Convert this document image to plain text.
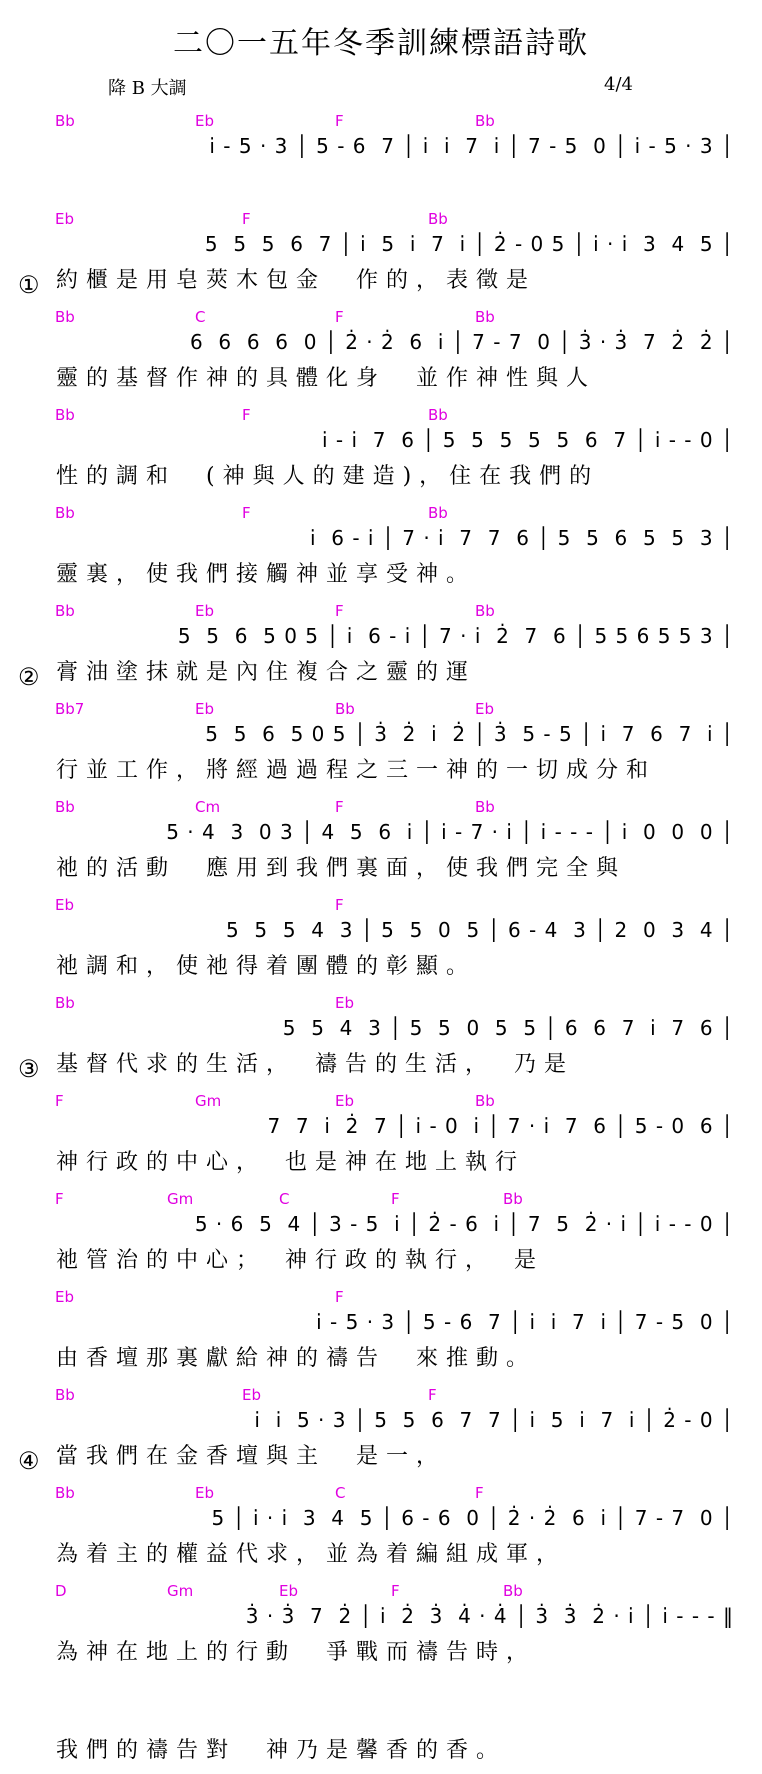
二〇一五年冬季訓練標語詩歌
降 B 大調	4/4
Bb	Eb	F	Bb
i̇ - 5 · 3 │ 5 - 6  7 │ i̇  i̇  7  i̇ │ 7 - 5  0 │ i̇ - 5 · 3 │
Eb	F	Bb
5  5  5  6  7 │ i̇  5  i̇  7  i̇ │ 2̇ - 0 5 │ i̇ · i̇  3  4  5 │
① 約櫃是用皂莢木包金　作的，表徵是
Bb	C	F	Bb
6  6  6  6  0 │ 2̇ · 2̇  6  i̇ │ 7 - 7  0 │ 3̇ · 3̇  7  2̇  2̇ │
靈的基督作神的具體化身　並作神性與人
Bb	F	Bb
i̇ - i̇  7  6 │ 5  5  5  5  5  6  7 │ i̇ - - 0 │
性的調和　(神與人的建造)，住在我們的
Bb	F	Bb
i̇  6 - i̇ │ 7 · i̇  7  7  6 │ 5  5  6  5  5  3 │
靈裏，使我們接觸神並享受神。
Bb	Eb	F	Bb
5  5  6  5 0 5 │ i̇  6 - i̇ │ 7 · i̇  2̇  7  6 │ 5 5 6 5 5 3 │
② 膏油塗抹就是內住複合之靈的運
Bb7	Eb	Bb	Eb
5  5  6  5 0 5 │ 3̇  2̇  i̇  2̇ │ 3̇  5 - 5 │ i̇  7  6  7  i̇ │
行並工作，將經過過程之三一神的一切成分和
Bb	Cm	F	Bb
5 · 4  3  0 3 │ 4  5  6  i̇ │ i̇ - 7 · i̇ │ i̇ - - - │ i̇  0  0  0 │
祂的活動　應用到我們裏面，使我們完全與
Eb	F
5  5  5  4  3 │ 5  5  0  5 │ 6 - 4  3 │ 2  0  3  4 │
祂調和，使祂得着團體的彰顯。
Bb	Eb
5  5  4  3 │ 5  5  0  5  5 │ 6  6  7  i̇  7  6 │
③ 基督代求的生活，　禱告的生活，　乃是
F	Gm	Eb	Bb
7  7  i̇  2̇  7 │ i̇ - 0  i̇ │ 7 · i̇  7  6 │ 5 - 0  6 │
神行政的中心，　也是神在地上執行
F	Gm	C	F	Bb
5 · 6  5  4 │ 3 - 5  i̇ │ 2̇ - 6  i̇ │ 7  5  2̇ · i̇ │ i̇ - - 0 │
祂管治的中心；　神行政的執行，　是
Eb	F
i̇ - 5 · 3 │ 5 - 6  7 │ i̇  i̇  7  i̇ │ 7 - 5  0 │
由香壇那裏獻給神的禱告　來推動。
Bb	Eb	F
i̇  i̇  5 · 3 │ 5  5  6  7  7 │ i̇  5  i̇  7  i̇ │ 2̇ - 0 │
④ 當我們在金香壇與主　是一，
Bb	Eb	C	F
5 │ i̇ · i̇  3  4  5 │ 6 - 6  0 │ 2̇ · 2̇  6  i̇ │ 7 - 7  0 │
為着主的權益代求，並為着編組成軍，
D	Gm	Eb	F	Bb
3̇ · 3̇  7  2̇ │ i̇  2̇  3̇  4̇ · 4̇ │ 3̇  3̇  2̇ · i̇ │ i̇ - - - ‖
為神在地上的行動　爭戰而禱告時，
我們的禱告對　神乃是馨香的香。
